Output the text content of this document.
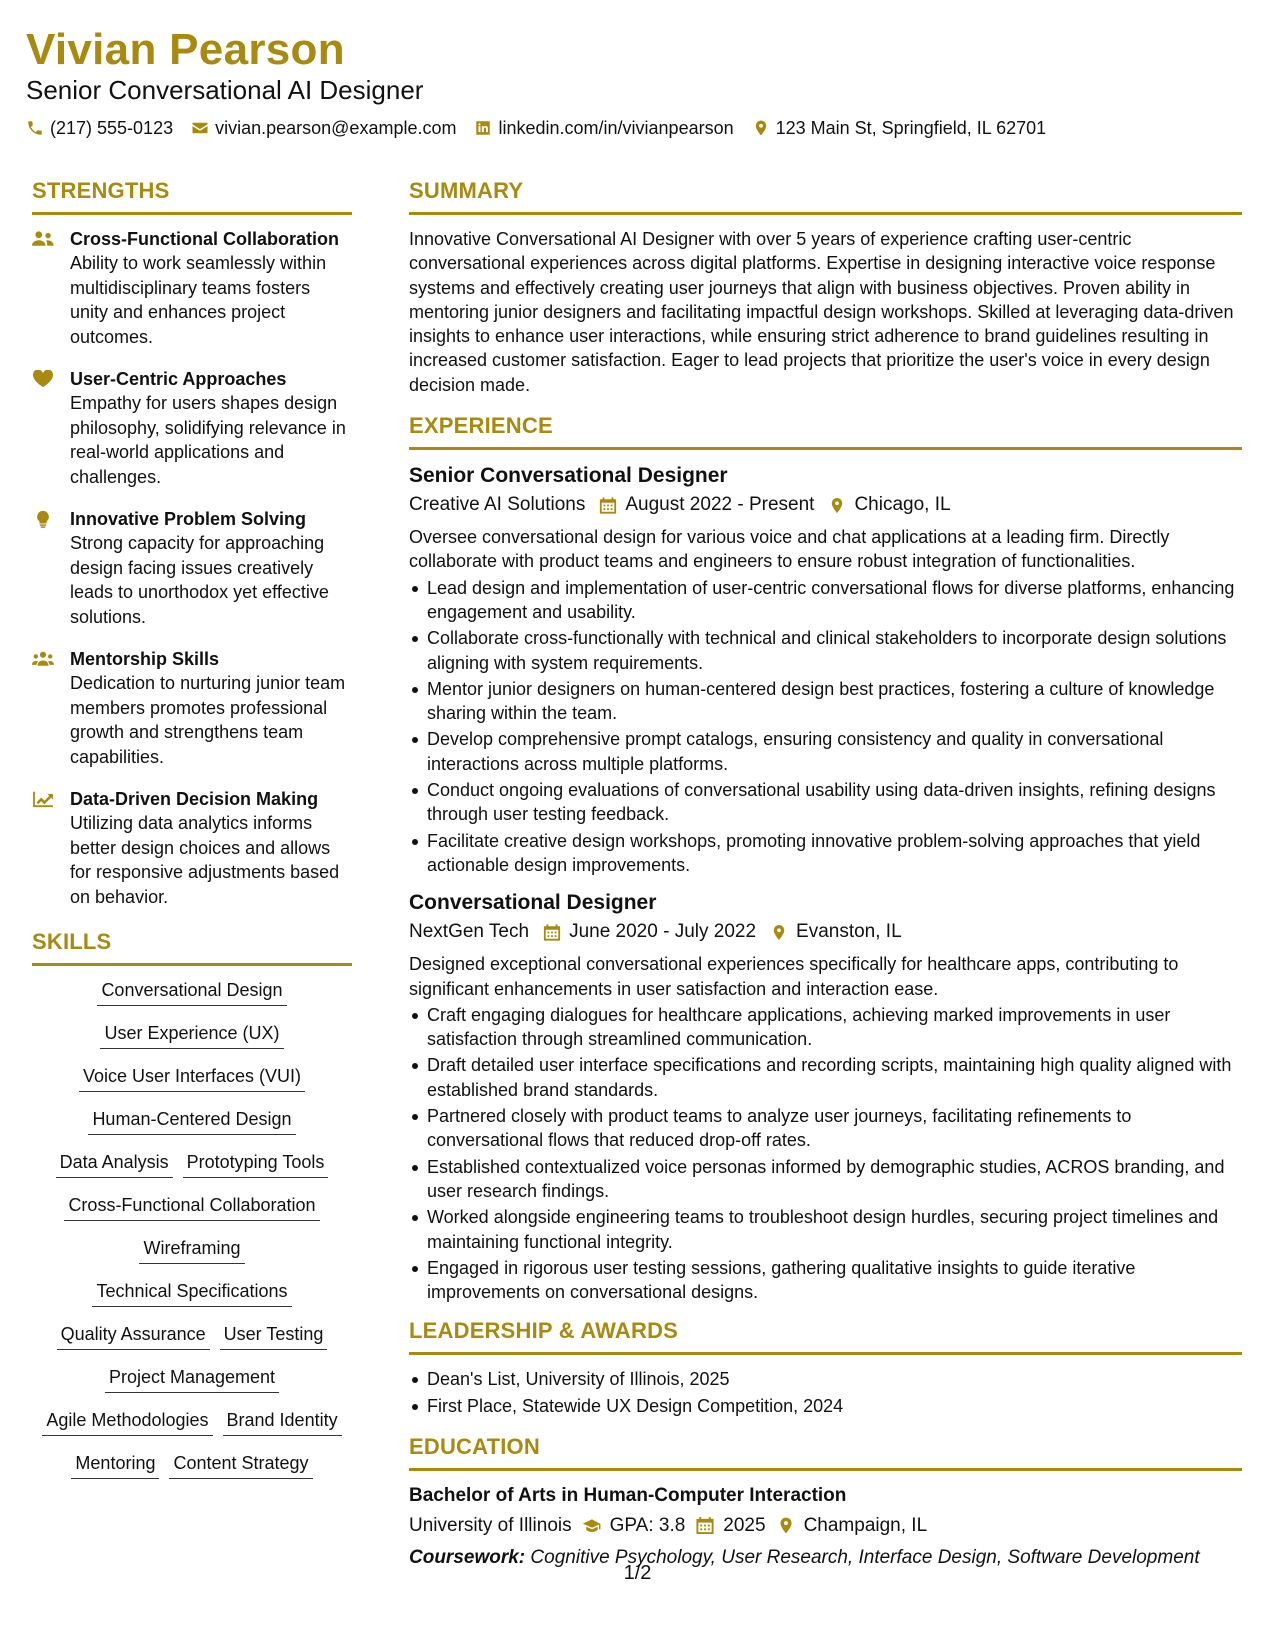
Vivian Pearson
Senior Conversational AI Designer
(217) 555-0123 vivian.pearson@example.com linkedin.com/in/vivianpearson 123 Main St, Springfield, IL 62701
STRENGTHS
Cross-Functional Collaboration
Ability to work seamlessly within multidisciplinary teams fosters unity and enhances project outcomes.
User-Centric Approaches
Empathy for users shapes design philosophy, solidifying relevance in real-world applications and challenges.
Innovative Problem Solving
Strong capacity for approaching design facing issues creatively leads to unorthodox yet effective solutions.
Mentorship Skills
Dedication to nurturing junior team members promotes professional growth and strengthens team capabilities.
Data-Driven Decision Making
Utilizing data analytics informs better design choices and allows for responsive adjustments based on behavior.
SKILLS
Conversational Design
User Experience (UX)
Voice User Interfaces (VUI)
Human-Centered Design
Data Analysis Prototyping Tools
Cross-Functional Collaboration
Wireframing
Technical Specifications
Quality Assurance User Testing
Project Management
Agile Methodologies Brand Identity
Mentoring Content Strategy
SUMMARY
Innovative Conversational AI Designer with over 5 years of experience crafting user-centric conversational experiences across digital platforms. Expertise in designing interactive voice response systems and effectively creating user journeys that align with business objectives. Proven ability in mentoring junior designers and facilitating impactful design workshops. Skilled at leveraging data-driven insights to enhance user interactions, while ensuring strict adherence to brand guidelines resulting in increased customer satisfaction. Eager to lead projects that prioritize the user's voice in every design decision made.
EXPERIENCE
Senior Conversational Designer
Creative AI Solutions August 2022 - Present Chicago, IL
Oversee conversational design for various voice and chat applications at a leading firm. Directly collaborate with product teams and engineers to ensure robust integration of functionalities.
Lead design and implementation of user-centric conversational flows for diverse platforms, enhancing engagement and usability.
Collaborate cross-functionally with technical and clinical stakeholders to incorporate design solutions aligning with system requirements.
Mentor junior designers on human-centered design best practices, fostering a culture of knowledge sharing within the team.
Develop comprehensive prompt catalogs, ensuring consistency and quality in conversational interactions across multiple platforms.
Conduct ongoing evaluations of conversational usability using data-driven insights, refining designs through user testing feedback.
Facilitate creative design workshops, promoting innovative problem-solving approaches that yield actionable design improvements.
Conversational Designer
NextGen Tech June 2020 - July 2022 Evanston, IL
Designed exceptional conversational experiences specifically for healthcare apps, contributing to significant enhancements in user satisfaction and interaction ease.
Craft engaging dialogues for healthcare applications, achieving marked improvements in user satisfaction through streamlined communication.
Draft detailed user interface specifications and recording scripts, maintaining high quality aligned with established brand standards.
Partnered closely with product teams to analyze user journeys, facilitating refinements to conversational flows that reduced drop-off rates.
Established contextualized voice personas informed by demographic studies, ACROS branding, and user research findings.
Worked alongside engineering teams to troubleshoot design hurdles, securing project timelines and maintaining functional integrity.
Engaged in rigorous user testing sessions, gathering qualitative insights to guide iterative improvements on conversational designs.
LEADERSHIP & AWARDS
Dean's List, University of Illinois, 2025
First Place, Statewide UX Design Competition, 2024
EDUCATION
Bachelor of Arts in Human-Computer Interaction
University of Illinois GPA: 3.8 2025 Champaign, IL
Coursework: Cognitive Psychology, User Research, Interface Design, Software Development
1/2
